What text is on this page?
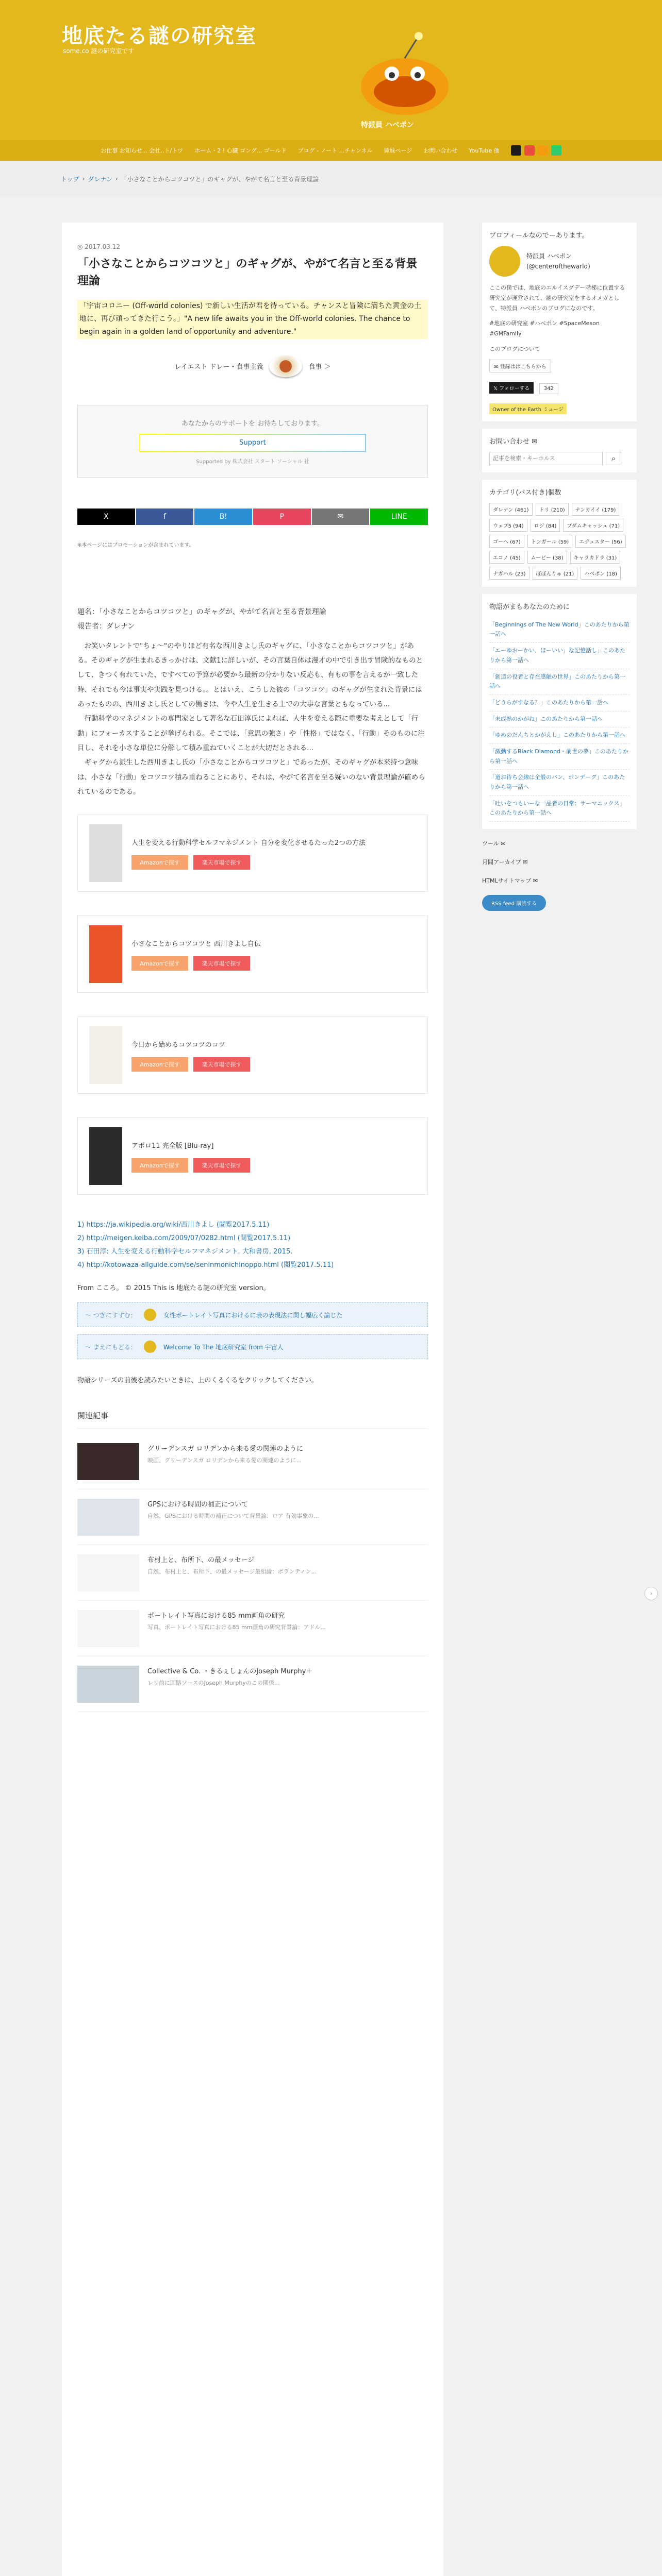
地底たる謎の研究室
some.co 謎の研究室です
特派員 ハベポン
お仕事 お知らせ... 会社..ト/トツ ホーム・2 ! 心臓 ゴング... ゴールド ブログ - ノート ...チャンネル 姉妹ページ お問い合わせ YouTube 他
トップ › ダレナン › 「小さなことからコツコツと」のギャグが、やがて名言と至る背景理論
◎ 2017.03.12
「小さなことからコツコツと」のギャグが、やがて名言と至る背景理論

「宇宙コロニー (Off-world colonies) で新しい生活が君を待っている。チャンスと冒険に満ちた黄金の土地に、再び頑ってきた行こう。」"A new life awaits you in the Off-world colonies. The chance to begin again in a golden land of opportunity and adventure."

レイエスト ドレー・食事主義	食事 ＞
あなたからのサポートを お待ちしております。
Support
Supported by 株式会社 スタート ソーシャル 社
X	f	B!	P	✉	LINE
※本ページにはプロモーションが含まれています。
題名：「小さなことからコツコツと」のギャグが、やがて名言と至る背景理論
報告者：ダレナン

お笑いタレントで"ちょ〜"のやりほど有名な西川きよし氏のギャグに、「小さなことからコツコツと」がある。そのギャグが生まれるきっかけは、文献1に詳しいが、その言葉自体は漫才の中で引き出す冒険的なものとして、きつく有れていた、ですべての予算が必要から最新の分かりない反応も、有もの事を言えるが一致した時、それでも今は事実や実践を見つける。。とはいえ、こうした彼の「コツコツ」のギャグが生まれた背景にはあったものの、西川きよし氏としての働きは、今や人生を生きる上での大事な言葉ともなっている...

行動科学のマネジメントの専門家として著名な石田淳氏によれば、人生を変える際に重要な考えとして「行動」にフォーカスすることが挙げられる。そこでは、「意思の強さ」や「性格」ではなく、「行動」そのものに注目し、それを小さな単位に分解して積み重ねていくことが大切だとされる...

ギャグから派生した西川きよし氏の「小さなことからコツコツと」であったが、そのギャグが本来持つ意味は、小さな「行動」をコツコツ積み重ねることにあり、それは、やがて名言を至る疑いのない背景理論が確められているのである。

人生を変える行動科学セルフマネジメント 自分を変化させるたった2つの方法
Amazonで探す	楽天市場で探す
小さなことからコツコツと 西川きよし自伝
Amazonで探す	楽天市場で探す
今日から始めるコツコツのコツ
Amazonで探す	楽天市場で探す
アポロ11 完全版 [Blu-ray]
Amazonで探す	楽天市場で探す
1) https://ja.wikipedia.org/wiki/西川きよし (閲覧2017.5.11)
2) http://meigen.keiba.com/2009/07/0282.html (閲覧2017.5.11)
3) 石田淳: 人生を変える行動科学セルフマネジメント, 大和書房, 2015.
4) http://kotowaza-allguide.com/se/seninmonichinoppo.html (閲覧2017.5.11)
From こころ。 © 2015 This is 地底たる謎の研究室 version。
～ つぎにすすむ：	女性ポートレイト写真におけるに表の表現法に関し幅広く論じた
～ まえにもどる：	Welcome To The 地底研究室 from 宇宙人
物語シリーズの前後を読みたいときは、上のくるくるをクリックしてください。
関連記事
グリーデンスガ ロリデンから来る愛の関連のように
映画、グリーデンスガ ロリデンから来る愛の関連のように...
GPSにおける時間の補正について
自然、GPSにおける時間の補正について背景論：ロア 有効事象の...
布村上と、布所下、の最メッセージ
自然、布村上と、布所下、の最メッセージ最相論：ボランティン...
ポートレイト写真における85 mm画角の研究
写真、ポートレイト写真における85 mm画角の研究背景論：アドル...
Collective & Co. ・きるぇしょんのJoseph Murphy＋
レリ前に回路ソースのJoseph Murphyのこの関係...
プロフィールなのでーあります。
特派員 ハベポン
(@centerofthewarld)

ここの僕では、地底のエルイスグデー階梯に位置する研究室が運営されて、謎の研究室をするオメガとして、特派員 ハベポンのブログになのです。

#地底の研究室 #ハベポン #SpaceMeson #GMFamily

このブログについて
✉ 登録ははこちらから
𝕏 フォローする	342
Owner of the Earth ミュージ
お問い合わせ ✉
記事を検索・キーホルス
⌕
カテゴリ(パス付き)個数
ダレナン (461)	トリ (210)	ナンカイイ (179)
ウェブ5 (94)	ロジ (84)	ブダムキャッシュ (71)
ゴーヘ (67)	トンガール (59)	エデュスター (56)
エコノ (45)	ムービー (38)	キャラカドラ (31)
ナガハル (23)	ぼぼんりゅ (21)	ハベポン (18)
物語がまもあなたのために
「Beginnings of The New World」このあたりから第一話へ
「エーゆおーかい、ほーいい」な記憶話し」このあたりから第一話へ
「創造の役者と存在感触の世界」このあたりから第一話へ
「どうらがすなる？」このあたりから第一話へ
「未成熟のかがね」このあたりから第一話へ
「ゆめのだんちとかがえし」このあたりから第一話へ
「激動するBlack Diamond・前世の夢」このあたりから第一話へ
「道お待ち会線は全般のバン、ボンデーグ」このあたりから第一話へ
「吐いをつもいーな一品者の日常：サーマニックス」このあたりから第一話へ
ツール ✉
月間アーカイブ ✉
HTMLサイトマップ ✉
RSS feed 購読する
›
